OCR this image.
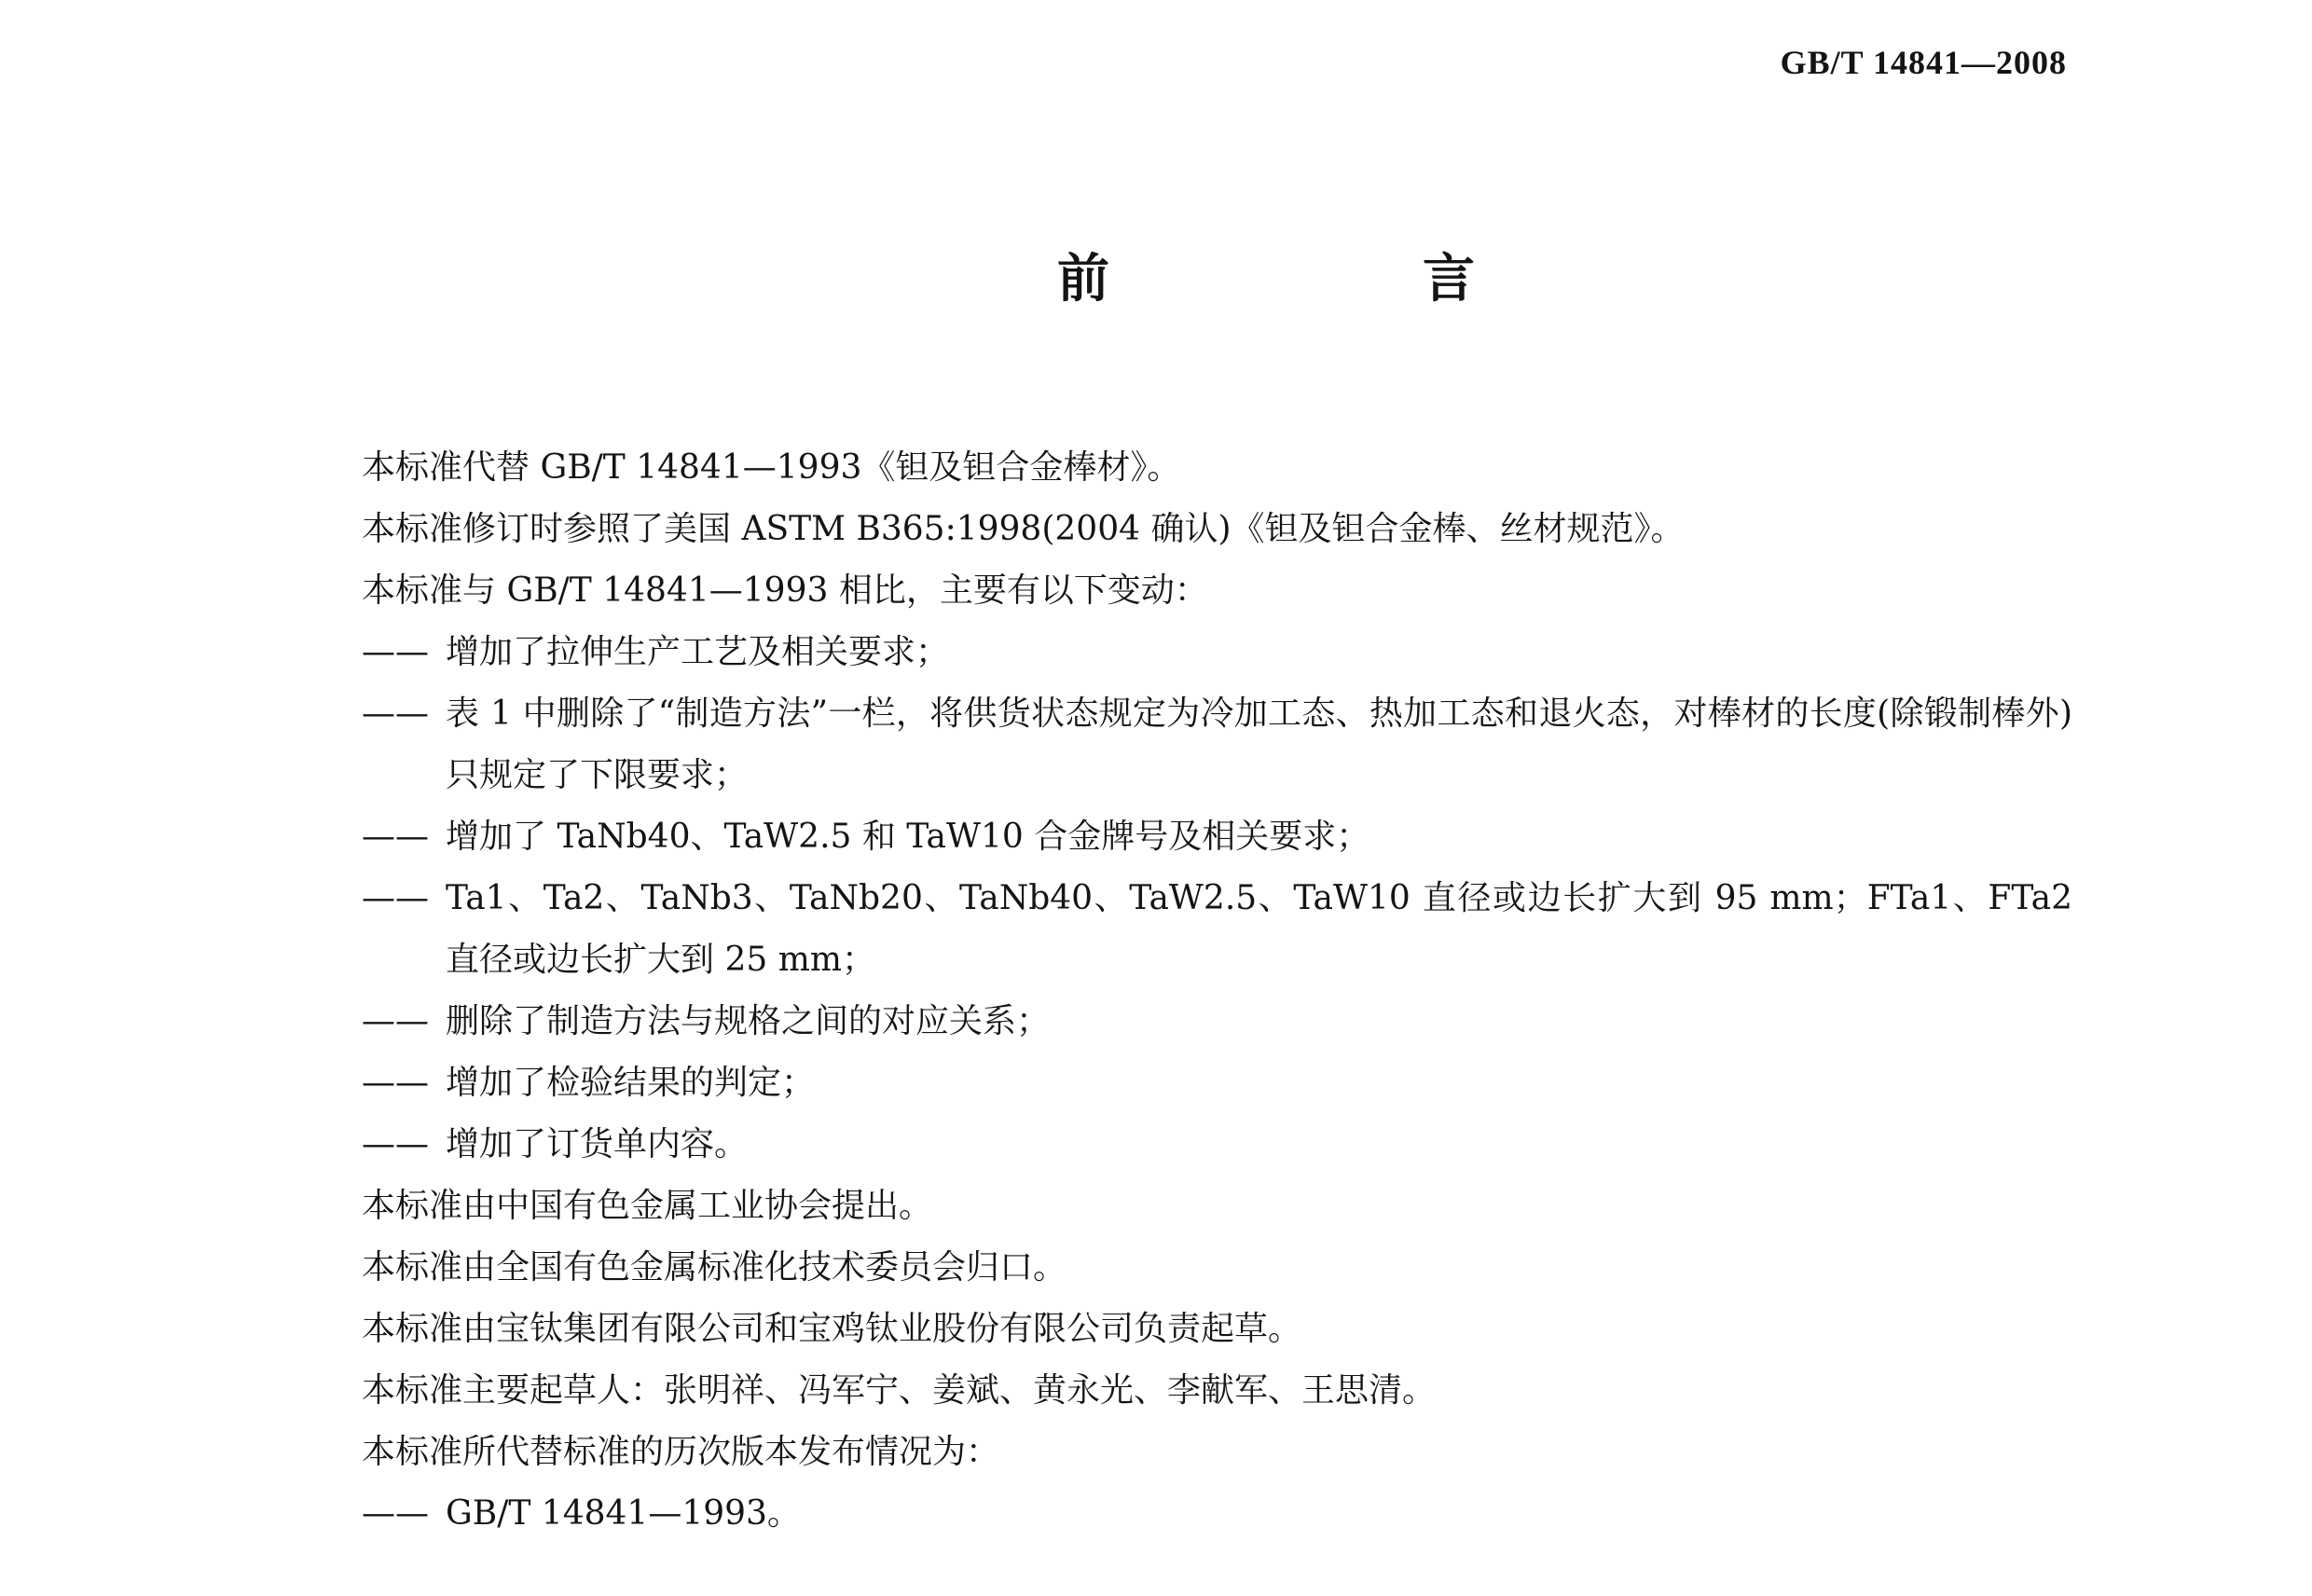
GB/T 14841—2008
前　言

本标准代替 GB/T 14841—1993《钽及钽合金棒材》。

本标准修订时参照了美国 ASTM B365:1998(2004 确认)《钽及钽合金棒、丝材规范》。

本标准与 GB/T 14841—1993 相比，主要有以下变动：

—— 增加了拉伸生产工艺及相关要求；
—— 表 1 中删除了“制造方法”一栏，将供货状态规定为冷加工态、热加工态和退火态，对棒材的长度(除锻制棒外)只规定了下限要求；
—— 增加了 TaNb40、TaW2.5 和 TaW10 合金牌号及相关要求；
—— Ta1、Ta2、TaNb3、TaNb20、TaNb40、TaW2.5、TaW10 直径或边长扩大到 95 mm；FTa1、FTa2 直径或边长扩大到 25 mm；
—— 删除了制造方法与规格之间的对应关系；
—— 增加了检验结果的判定；
—— 增加了订货单内容。

本标准由中国有色金属工业协会提出。

本标准由全国有色金属标准化技术委员会归口。

本标准由宝钛集团有限公司和宝鸡钛业股份有限公司负责起草。

本标准主要起草人：张明祥、冯军宁、姜斌、黄永光、李献军、王思清。

本标准所代替标准的历次版本发布情况为：

—— GB/T 14841—1993。
